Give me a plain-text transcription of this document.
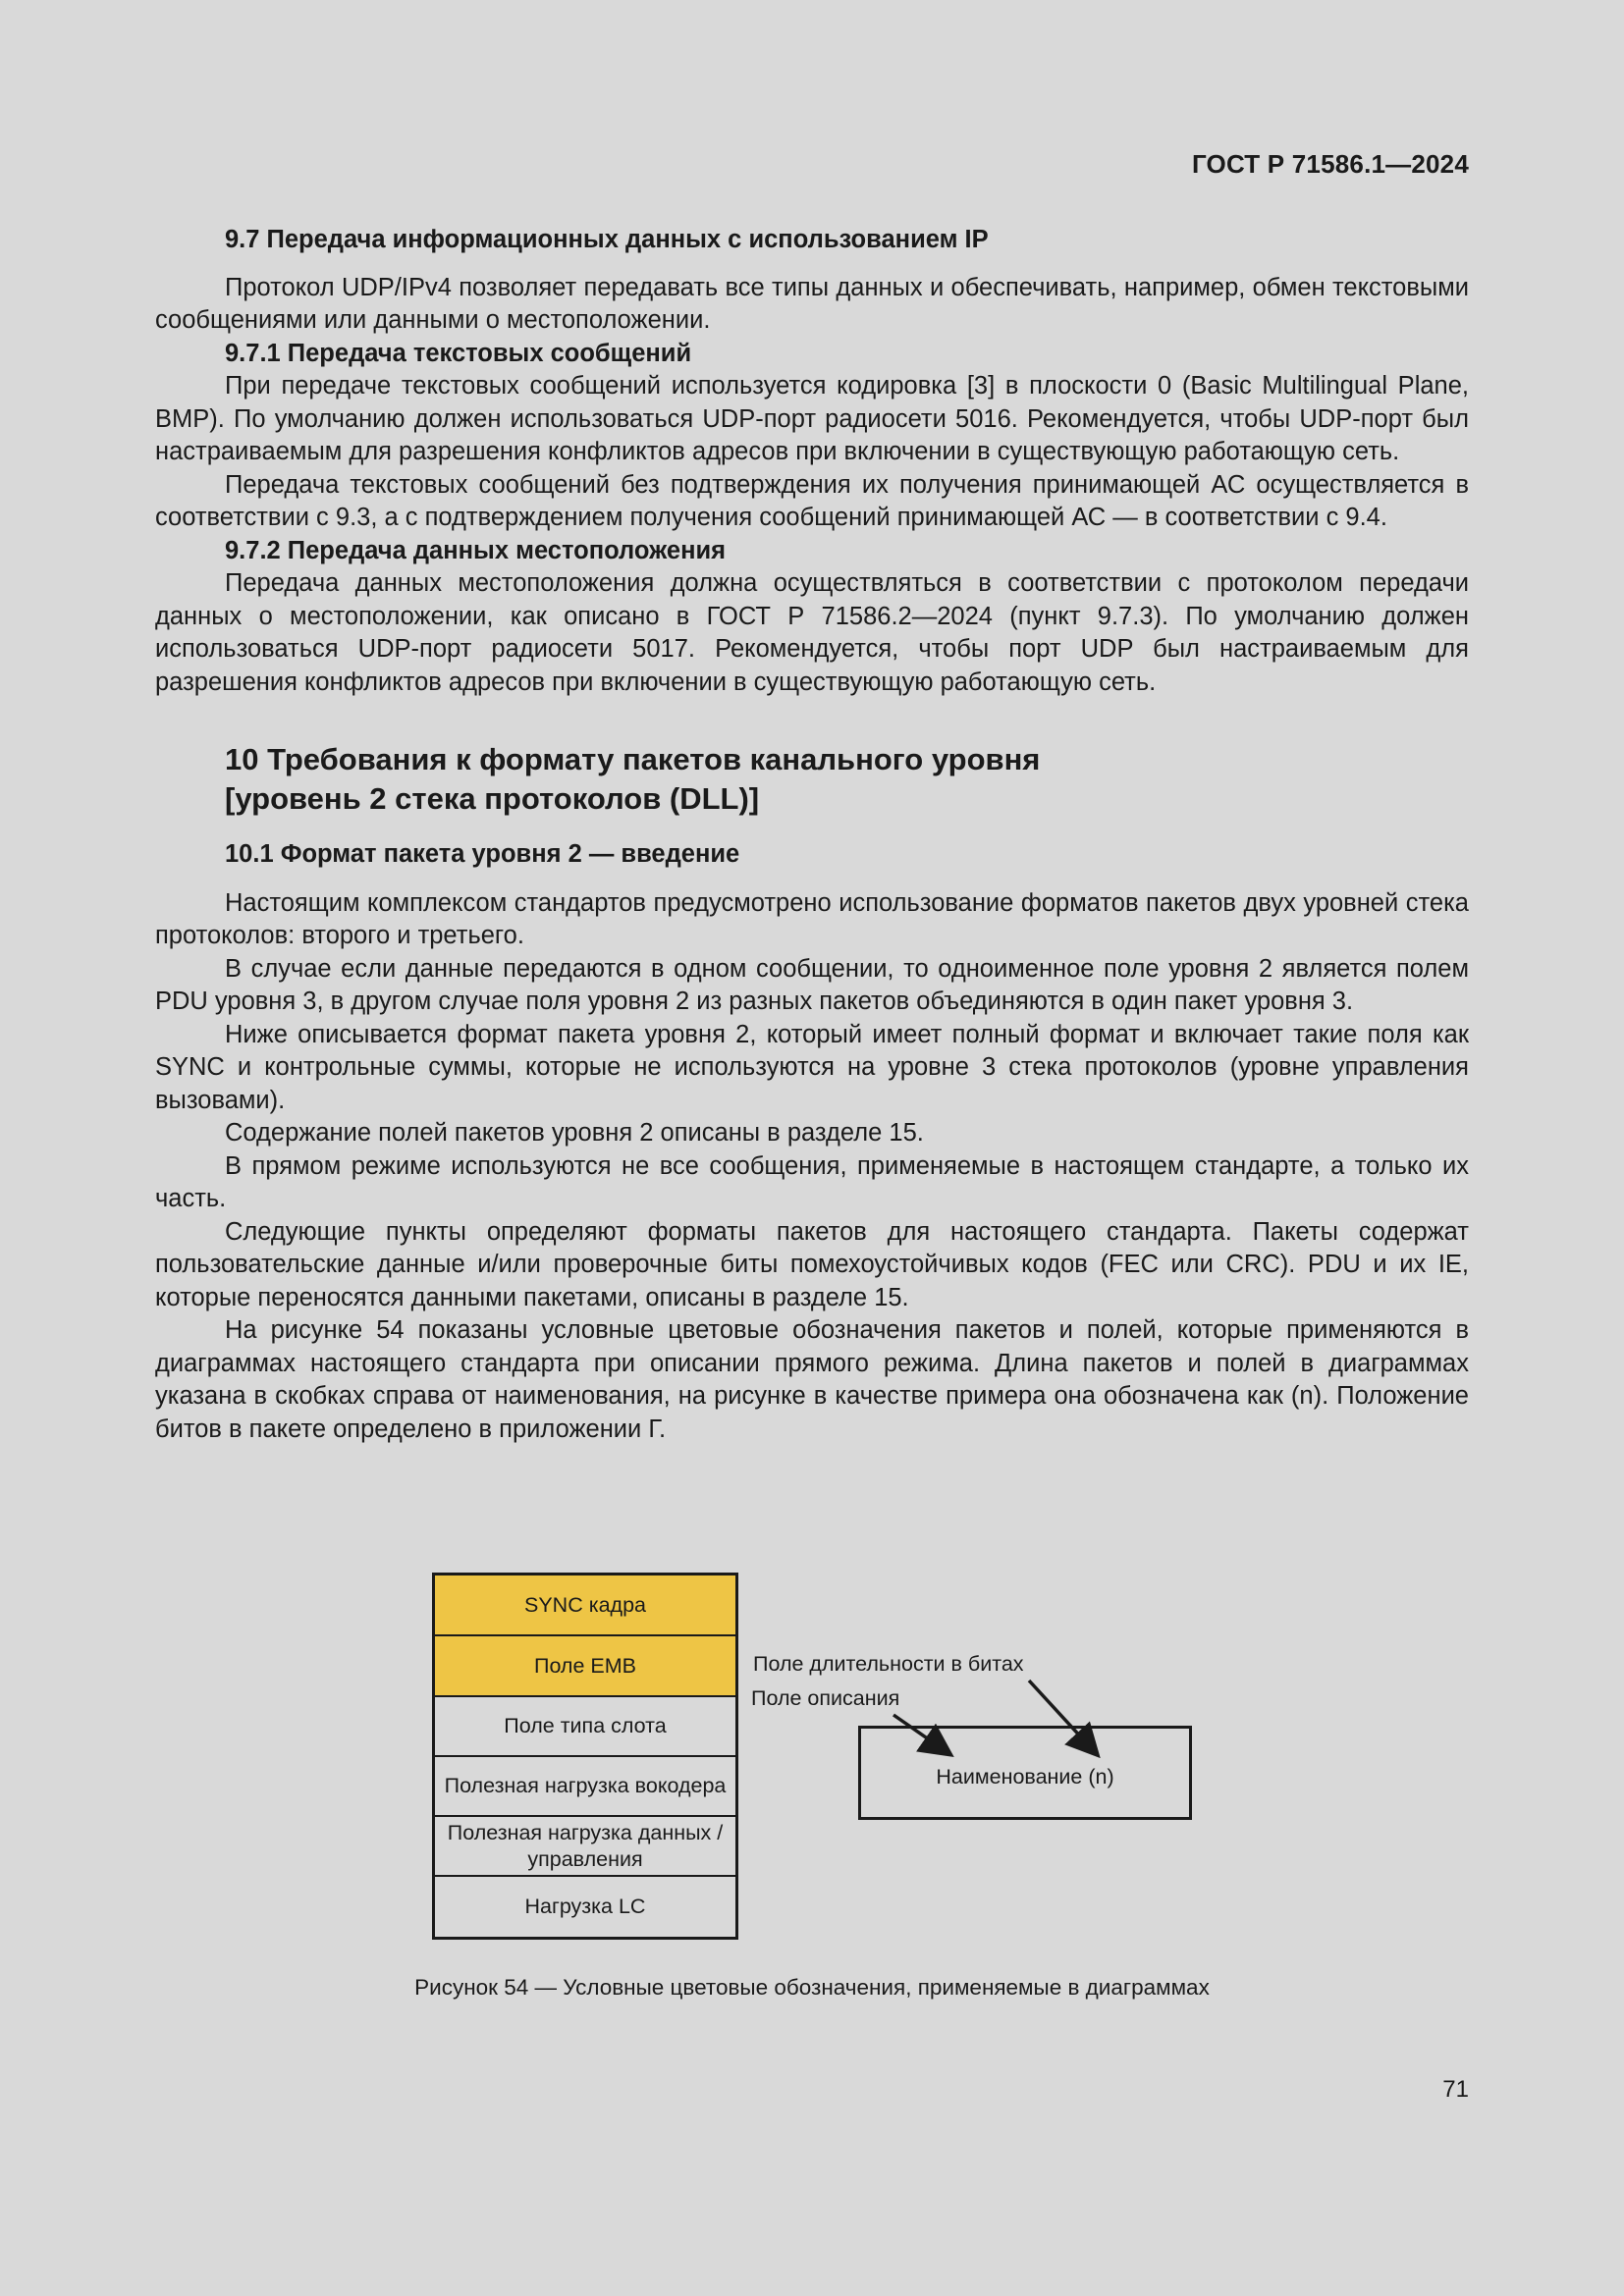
ГОСТ Р 71586.1—2024
9.7 Передача информационных данных с использованием IP

Протокол UDP/IPv4 позволяет передавать все типы данных и обеспечивать, например, обмен текстовыми сообщениями или данными о местоположении.

9.7.1 Передача текстовых сообщений

При передаче текстовых сообщений используется кодировка [3] в плоскости 0 (Basic Multilingual Plane, BMP). По умолчанию должен использоваться UDP-порт радиосети 5016. Рекомендуется, чтобы UDP-порт был настраиваемым для разрешения конфликтов адресов при включении в существующую работающую сеть.

Передача текстовых сообщений без подтверждения их получения принимающей АС осуществляется в соответствии с 9.3, а с подтверждением получения сообщений принимающей АС — в соответствии с 9.4.

9.7.2 Передача данных местоположения

Передача данных местоположения должна осуществляться в соответствии с протоколом передачи данных о местоположении, как описано в ГОСТ Р 71586.2—2024 (пункт 9.7.3). По умолчанию должен использоваться UDP-порт радиосети 5017. Рекомендуется, чтобы порт UDP был настраиваемым для разрешения конфликтов адресов при включении в существующую работающую сеть.

10 Требования к формату пакетов канального уровня
[уровень 2 стека протоколов (DLL)]
10.1 Формат пакета уровня 2 — введение

Настоящим комплексом стандартов предусмотрено использование форматов пакетов двух уровней стека протоколов: второго и третьего.

В случае если данные передаются в одном сообщении, то одноименное поле уровня 2 является полем PDU уровня 3, в другом случае поля уровня 2 из разных пакетов объединяются в один пакет уровня 3.

Ниже описывается формат пакета уровня 2, который имеет полный формат и включает такие поля как SYNC и контрольные суммы, которые не используются на уровне 3 стека протоколов (уровне управления вызовами).

Содержание полей пакетов уровня 2 описаны в разделе 15.

В прямом режиме используются не все сообщения, применяемые в настоящем стандарте, а только их часть.

Следующие пункты определяют форматы пакетов для настоящего стандарта. Пакеты содержат пользовательские данные и/или проверочные биты помехоустойчивых кодов (FEC или CRC). PDU и их IE, которые переносятся данными пакетами, описаны в разделе 15.

На рисунке 54 показаны условные цветовые обозначения пакетов и полей, которые применяются в диаграммах настоящего стандарта при описании прямого режима. Длина пакетов и полей в диаграммах указана в скобках справа от наименования, на рисунке в качестве примера она обозначена как (n). Положение битов в пакете определено в приложении Г.

SYNC кадра
Поле EMB
Поле типа слота
Полезная нагрузка вокодера
Полезная нагрузка данных / управления
Нагрузка LC
Поле длительности в битах
Поле описания
Наименование (n)
Рисунок 54 — Условные цветовые обозначения, применяемые в диаграммах
71
